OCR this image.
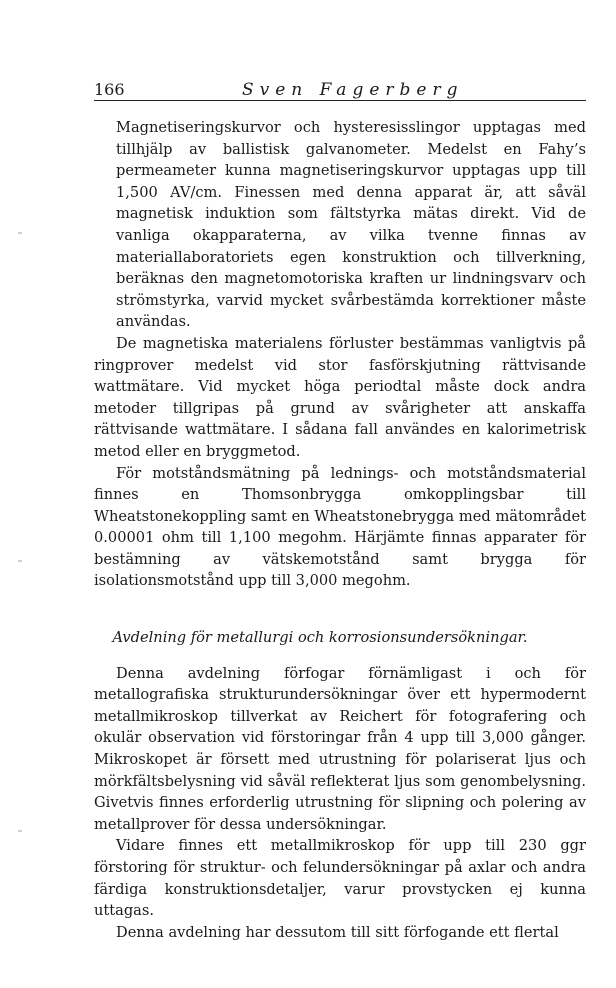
166	Sven Fagerberg

Magnetiseringskurvor och hysteresisslingor upptagas med tillhjälp av ballistisk galvanometer. Medelst en Fahy’s permeameter kunna magnetiseringskurvor upptagas upp till 1,500 AV/cm. Finessen med denna apparat är, att såväl magnetisk induktion som fältstyrka mätas direkt. Vid de vanliga okapparaterna, av vilka tvenne finnas av materiallaboratoriets egen konstruktion och tillverkning, beräknas den magnetomotoriska kraften ur lindningsvarv och strömstyrka, varvid mycket svårbestämda korrektioner måste användas.

De magnetiska materialens förluster bestämmas vanligtvis på ringprover medelst vid stor fasförskjutning rättvisande wattmätare. Vid mycket höga periodtal måste dock andra metoder tillgripas på grund av svårigheter att anskaffa rättvisande wattmätare. I sådana fall användes en kalorimetrisk metod eller en bryggmetod.

För motståndsmätning på lednings- och motståndsmaterial finnes en Thomsonbrygga omkopplingsbar till Wheatstonekoppling samt en Wheatstonebrygga med mätområdet 0.00001 ohm till 1,100 megohm. Härjämte finnas apparater för bestämning av vätskemotstånd samt brygga för isolationsmotstånd upp till 3,000 megohm.

Avdelning för metallurgi och korrosionsundersökningar.

Denna avdelning förfogar förnämligast i och för metallografiska strukturundersökningar över ett hypermodernt metallmikroskop tillverkat av Reichert för fotografering och okulär observation vid förstoringar från 4 upp till 3,000 gånger. Mikroskopet är försett med utrustning för polariserat ljus och mörkfältsbelysning vid såväl reflekterat ljus som genombelysning. Givetvis finnes erforderlig utrustning för slipning och polering av metallprover för dessa undersökningar.

Vidare finnes ett metallmikroskop för upp till 230 ggr förstoring för struktur- och felundersökningar på axlar och andra färdiga konstruktionsdetaljer, varur provstycken ej kunna uttagas.

Denna avdelning har dessutom till sitt förfogande ett flertal
